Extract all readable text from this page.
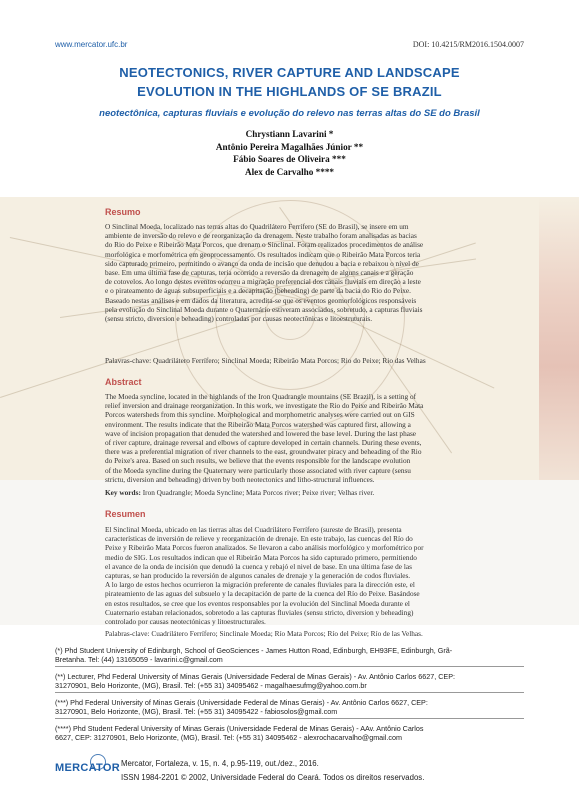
www.mercator.ufc.br	DOI: 10.4215/RM2016.1504.0007
NEOTECTONICS, RIVER CAPTURE AND LANDSCAPE
EVOLUTION IN THE HIGHLANDS OF SE BRAZIL
neotectônica, capturas fluviais e evolução do relevo nas terras altas do SE do Brasil
Chrystiann Lavarini *
Antônio Pereira Magalhães Júnior **
Fábio Soares de Oliveira ***
Alex de Carvalho ****
Resumo
O Sinclinal Moeda, localizado nas terras altas do Quadrilátero Ferrífero (SE do Brasil), se insere em um
ambiente de inversão do relevo e de reorganização da drenagem. Neste trabalho foram analisadas as bacias
do Rio do Peixe e Ribeirão Mata Porcos, que drenam o Sinclinal. Foram realizados procedimentos de análise
morfológica e morfométrica em geoprocessamento. Os resultados indicam que o Ribeirão Mata Porcos teria
sido capturado primeiro, permitindo o avanço da onda de incisão que denudou a bacia e rebaixou o nível de
base. Em uma última fase de capturas, teria ocorrido a reversão da drenagem de alguns canais e a geração
de cotovelos. Ao longo destes eventos ocorreu a migração preferencial dos canais fluviais em direção a leste
e o pirateamento de águas subsuperficiais e a decapitação (beheading) de parte da bacia do Rio do Peixe.
Baseado nestas análises e em dados da literatura, acredita-se que os eventos geomorfológicos responsáveis
pela evolução do Sinclinal Moeda durante o Quaternário estiveram associados, sobretudo, a capturas fluviais
(sensu stricto, diversion e beheading) controladas por causas neotectônicas e litoestruturais.
Palavras-chave: Quadrilátero Ferrífero; Sinclinal Moeda; Ribeirão Mata Porcos; Rio do Peixe; Rio das Velhas
Abstract
The Moeda syncline, located in the highlands of the Iron Quadrangle mountains (SE Brazil), is a setting of
relief inversion and drainage reorganization. In this work, we investigate the Rio do Peixe and Ribeirão Mata
Porcos watersheds from this syncline. Morphological and morphometric analyses were carried out on GIS
environment. The results indicate that the Ribeirão Mata Porcos watershed was captured first, allowing a
wave of incision propagation that denuded the watershed and lowered the base level. During the last phase
of river capture, drainage reversal and elbows of capture developed in certain channels. During these events,
there was a preferential migration of river channels to the east, groundwater piracy and beheading of the Rio
do Peixe's area. Based on such results, we believe that the events responsible for the landscape evolution
of the Moeda syncline during the Quaternary were particularly those associated with river capture (sensu
strictu, diversion and beheading) driven by both neotectonics and litho-structural influences.
Key words: Iron Quadrangle; Moeda Syncline; Mata Porcos river; Peixe river; Velhas river.
Resumen
El Sinclinal Moeda, ubicado en las tierras altas del Cuadrilátero Ferrífero (sureste de Brasil), presenta
características de inversión de relieve y reorganización de drenaje. En este trabajo, las cuencas del Río do
Peixe y Ribeirão Mata Porcos fueron analizados. Se llevaron a cabo análisis morfológico y morfométrico por
medio de SIG. Los resultados indican que el Ribeirão Mata Porcos ha sido capturado primero, permitiendo
el avance de la onda de incisión que denudó la cuenca y rebajó el nivel de base. En una última fase de las
capturas, se han producido la reversión de algunos canales de drenaje y la generación de codos fluviales.
A lo largo de estos hechos ocurrieron la migración preferente de canales fluviales para la dirección este, el
pirateamiento de las aguas del subsuelo y la decapitación de parte de la cuenca del Río do Peixe. Basándose
en estos resultados, se cree que los eventos responsables por la evolución del Sinclinal Moeda durante el
Cuaternario estaban relacionados, sobretodo a las capturas fluviales (sensu stricto, diversion y beheading)
controlado por causas neotectónicas y litoestructurales.
Palabras-clave: Cuadrilátero Ferrífero; Sinclinale Moeda; Río Mata Porcos; Río del Peixe; Río de las Velhas.
(*) Phd Student University of Edinburgh, School of GeoSciences - James Hutton Road, Edinburgh, EH93FE, Edinburgh, Grã-
Bretanha. Tel: (44) 13165059 - lavarini.c@gmail.com
(**) Lecturer, Phd Federal University of Minas Gerais (Universidade Federal de Minas Gerais) - Av. Antônio Carlos 6627, CEP:
31270901, Belo Horizonte, (MG), Brasil. Tel: (+55 31) 34095462 - magalhaesufmg@yahoo.com.br
(***) Phd Federal University of Minas Gerais (Universidade Federal de Minas Gerais) - Av. Antônio Carlos 6627, CEP:
31270901, Belo Horizonte, (MG), Brasil. Tel: (+55 31) 34095422 - fabiosolos@gmail.com
(****) Phd Student Federal University of Minas Gerais (Universidade Federal de Minas Gerais) - AAv. Antônio Carlos
6627, CEP: 31270901, Belo Horizonte, (MG), Brasil. Tel: (+55 31) 34095462 - alexrochacarvalho@gmail.com
MERCATOR Mercator, Fortaleza, v. 15, n. 4, p.95-119, out./dez., 2016.
ISSN 1984-2201 © 2002, Universidade Federal do Ceará. Todos os direitos reservados.
